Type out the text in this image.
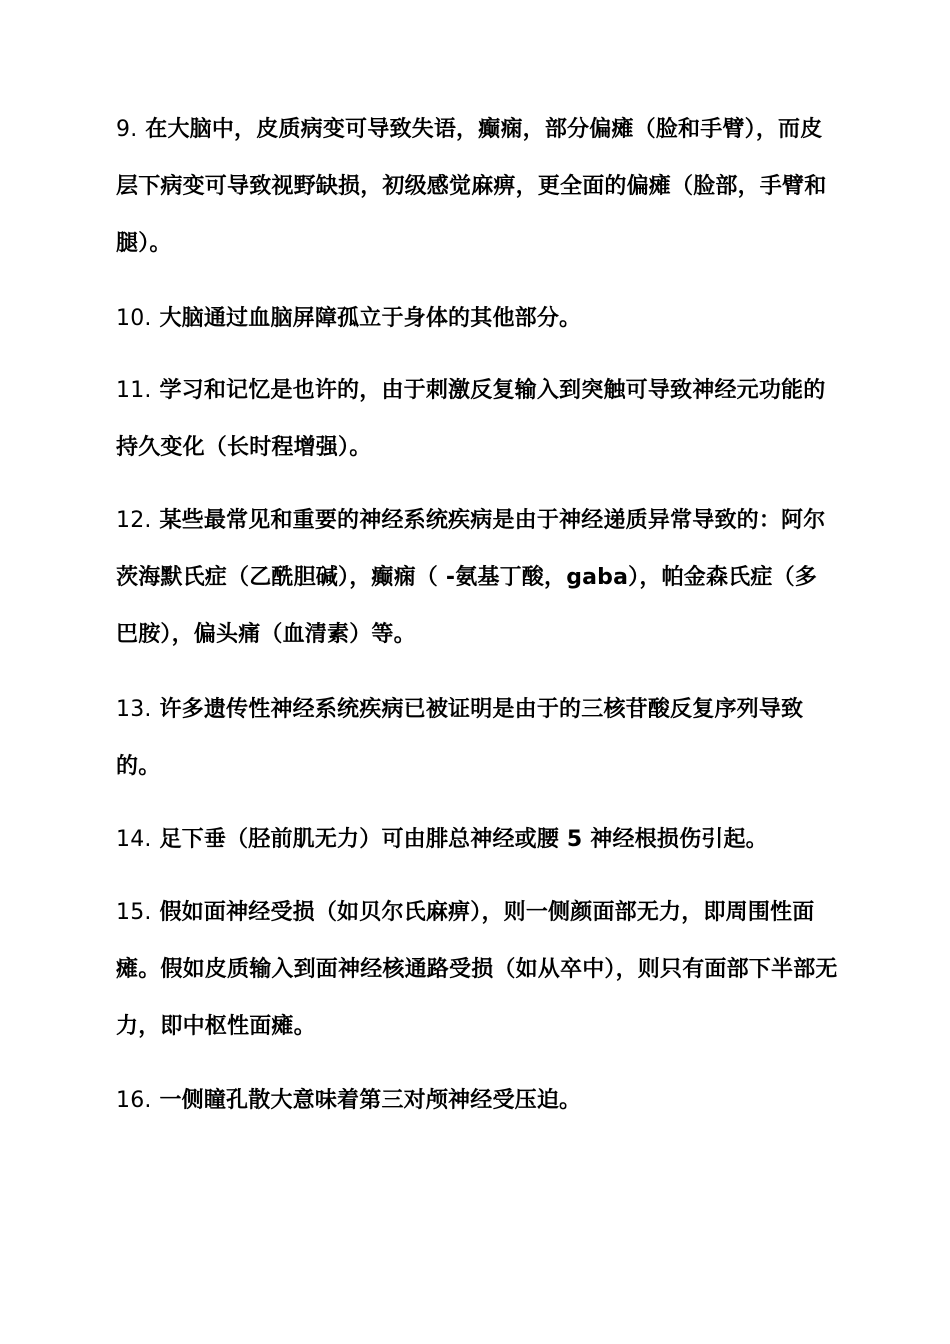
9. 在大脑中，皮质病变可导致失语，癫痫，部分偏瘫（脸和手臂），而皮层下病变可导致视野缺损，初级感觉麻痹，更全面的偏瘫（脸部，手臂和腿）。

10. 大脑通过血脑屏障孤立于身体的其他部分。

11. 学习和记忆是也许的，由于刺激反复输入到突触可导致神经元功能的持久变化（长时程增强）。

12. 某些最常见和重要的神经系统疾病是由于神经递质异常导致的：阿尔茨海默氏症（乙酰胆碱），癫痫（ -氨基丁酸，gaba），帕金森氏症（多巴胺），偏头痛（血清素）等。

13. 许多遗传性神经系统疾病已被证明是由于的三核苷酸反复序列导致的。

14. 足下垂（胫前肌无力）可由腓总神经或腰 5 神经根损伤引起。

15. 假如面神经受损（如贝尔氏麻痹），则一侧颜面部无力，即周围性面瘫。假如皮质输入到面神经核通路受损（如从卒中），则只有面部下半部无力，即中枢性面瘫。

16. 一侧瞳孔散大意味着第三对颅神经受压迫。
